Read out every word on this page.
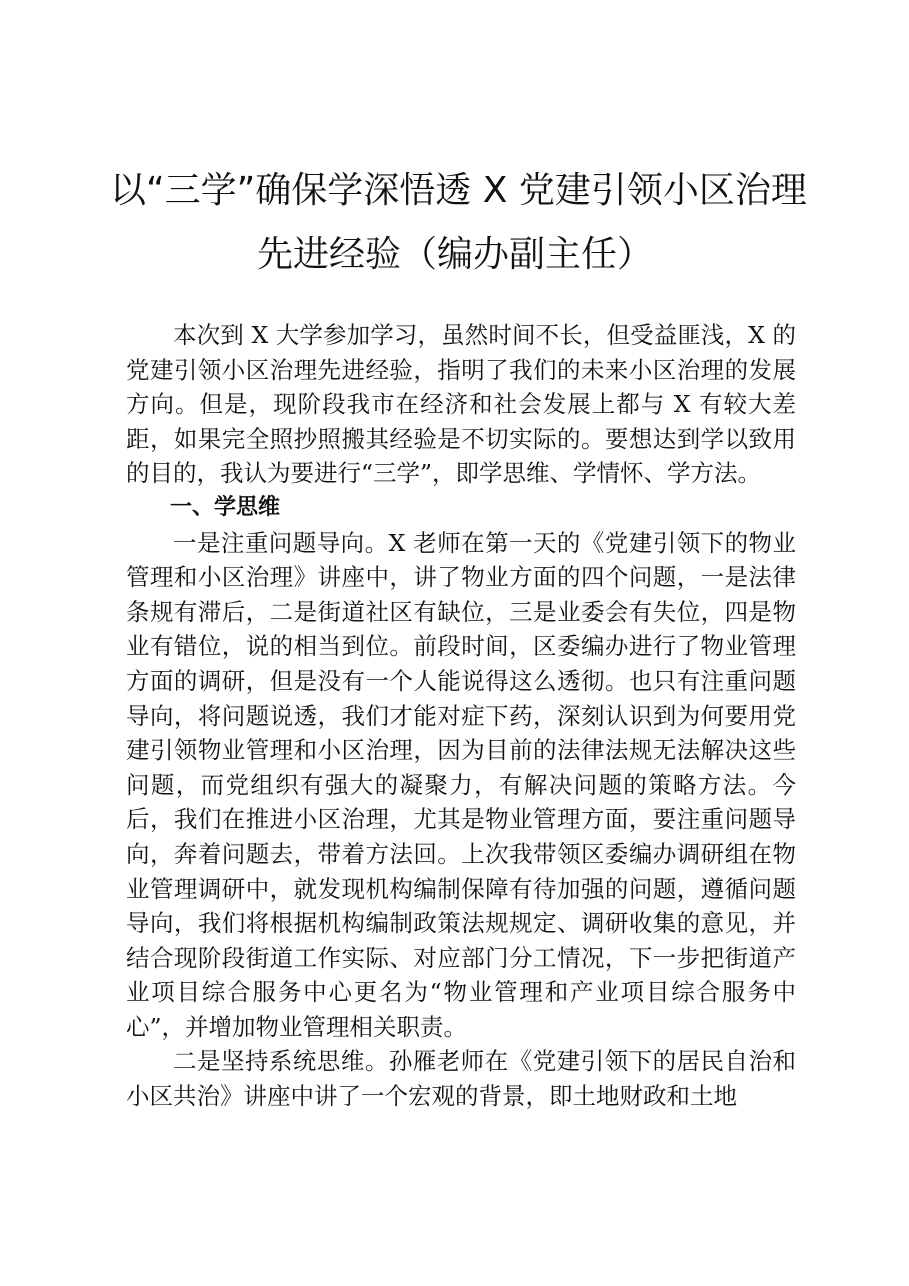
以“三学”确保学深悟透 X 党建引领小区治理
先进经验（编办副主任）

本次到 X 大学参加学习，虽然时间不长，但受益匪浅，X 的党建引领小区治理先进经验，指明了我们的未来小区治理的发展方向。但是，现阶段我市在经济和社会发展上都与 X 有较大差距，如果完全照抄照搬其经验是不切实际的。要想达到学以致用的目的，我认为要进行“三学”，即学思维、学情怀、学方法。

一、学思维

一是注重问题导向。X 老师在第一天的《党建引领下的物业管理和小区治理》讲座中，讲了物业方面的四个问题，一是法律条规有滞后，二是街道社区有缺位，三是业委会有失位，四是物业有错位，说的相当到位。前段时间，区委编办进行了物业管理方面的调研，但是没有一个人能说得这么透彻。也只有注重问题导向，将问题说透，我们才能对症下药，深刻认识到为何要用党建引领物业管理和小区治理，因为目前的法律法规无法解决这些问题，而党组织有强大的凝聚力，有解决问题的策略方法。今后，我们在推进小区治理，尤其是物业管理方面，要注重问题导向，奔着问题去，带着方法回。上次我带领区委编办调研组在物业管理调研中，就发现机构编制保障有待加强的问题，遵循问题导向，我们将根据机构编制政策法规规定、调研收集的意见，并结合现阶段街道工作实际、对应部门分工情况，下一步把街道产业项目综合服务中心更名为“物业管理和产业项目综合服务中心”，并增加物业管理相关职责。

二是坚持系统思维。孙雁老师在《党建引领下的居民自治和小区共治》讲座中讲了一个宏观的背景，即土地财政和土地
